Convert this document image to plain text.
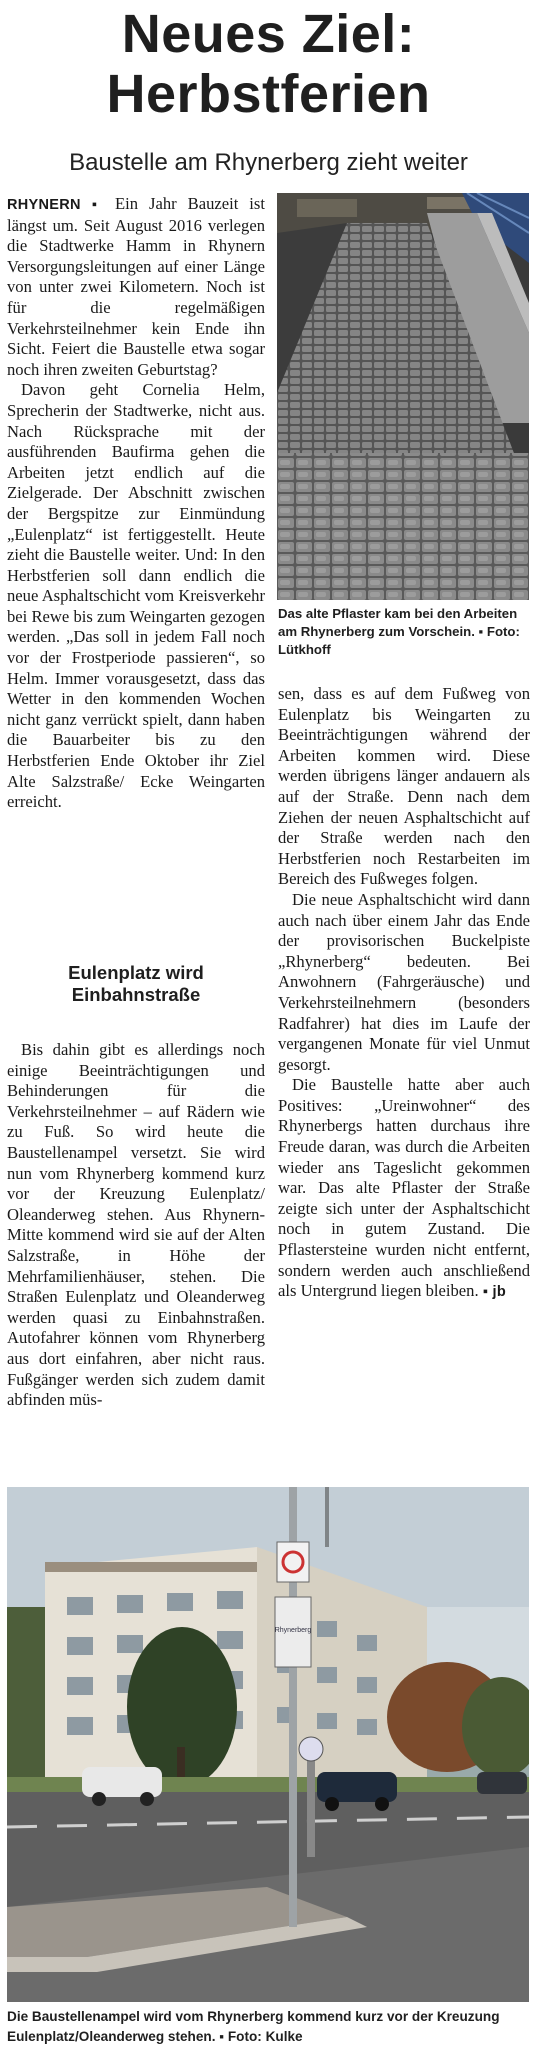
Neues Ziel:
Herbstferien
Baustelle am Rhynerberg zieht weiter

RHYNERN ▪ Ein Jahr Bauzeit ist längst um. Seit August 2016 verlegen die Stadtwerke Hamm in Rhynern Versorgungsleitungen auf einer Länge von unter zwei Kilometern. Noch ist für die regelmäßigen Verkehrsteilnehmer kein Ende ihn Sicht. Feiert die Baustelle etwa sogar noch ihren zweiten Geburtstag?

Davon geht Cornelia Helm, Sprecherin der Stadtwerke, nicht aus. Nach Rücksprache mit der ausführenden Baufirma gehen die Arbeiten jetzt endlich auf die Zielgerade. Der Abschnitt zwischen der Bergspitze zur Einmündung „Eulenplatz“ ist fertiggestellt. Heute zieht die Baustelle weiter. Und: In den Herbstferien soll dann endlich die neue Asphaltschicht vom Kreisverkehr bei Rewe bis zum Weingarten gezogen werden. „Das soll in jedem Fall noch vor der Frostperiode passieren“, so Helm. Immer vorausgesetzt, dass das Wetter in den kommenden Wochen nicht ganz verrückt spielt, dann haben die Bauarbeiter bis zu den Herbstferien Ende Oktober ihr Ziel Alte Salzstraße/ Ecke Weingarten erreicht.

Eulenplatz wird
Einbahnstraße

Bis dahin gibt es allerdings noch einige Beeinträchtigungen und Behinderungen für die Verkehrsteilnehmer – auf Rädern wie zu Fuß. So wird heute die Baustellenampel versetzt. Sie wird nun vom Rhynerberg kommend kurz vor der Kreuzung Eulenplatz/ Oleanderweg stehen. Aus Rhynern-Mitte kommend wird sie auf der Alten Salzstraße, in Höhe der Mehrfamilienhäuser, stehen. Die Straßen Eulenplatz und Oleanderweg werden quasi zu Einbahnstraßen. Autofahrer können vom Rhynerberg aus dort einfahren, aber nicht raus. Fußgänger werden sich zudem damit abfinden müs-

Das alte Pflaster kam bei den Arbeiten am Rhynerberg zum Vorschein. ▪ Foto: Lütkhoff

sen, dass es auf dem Fußweg von Eulenplatz bis Weingarten zu Beeinträchtigungen während der Arbeiten kommen wird. Diese werden übrigens länger andauern als auf der Straße. Denn nach dem Ziehen der neuen Asphaltschicht auf der Straße werden nach den Herbstferien noch Restarbeiten im Bereich des Fußweges folgen.

Die neue Asphaltschicht wird dann auch nach über einem Jahr das Ende der provisorischen Buckelpiste „Rhynerberg“ bedeuten. Bei Anwohnern (Fahrgeräusche) und Verkehrsteilnehmern (besonders Radfahrer) hat dies im Laufe der vergangenen Monate für viel Unmut gesorgt.

Die Baustelle hatte aber auch Positives: „Ureinwohner“ des Rhynerbergs hatten durchaus ihre Freude daran, was durch die Arbeiten wieder ans Tageslicht gekommen war. Das alte Pflaster der Straße zeigte sich unter der Asphaltschicht noch in gutem Zustand. Die Pflastersteine wurden nicht entfernt, sondern werden auch anschließend als Untergrund liegen bleiben. ▪ jb

Rhynerberg
Die Baustellenampel wird vom Rhynerberg kommend kurz vor der Kreuzung Eulenplatz/Oleanderweg stehen. ▪ Foto: Kulke
